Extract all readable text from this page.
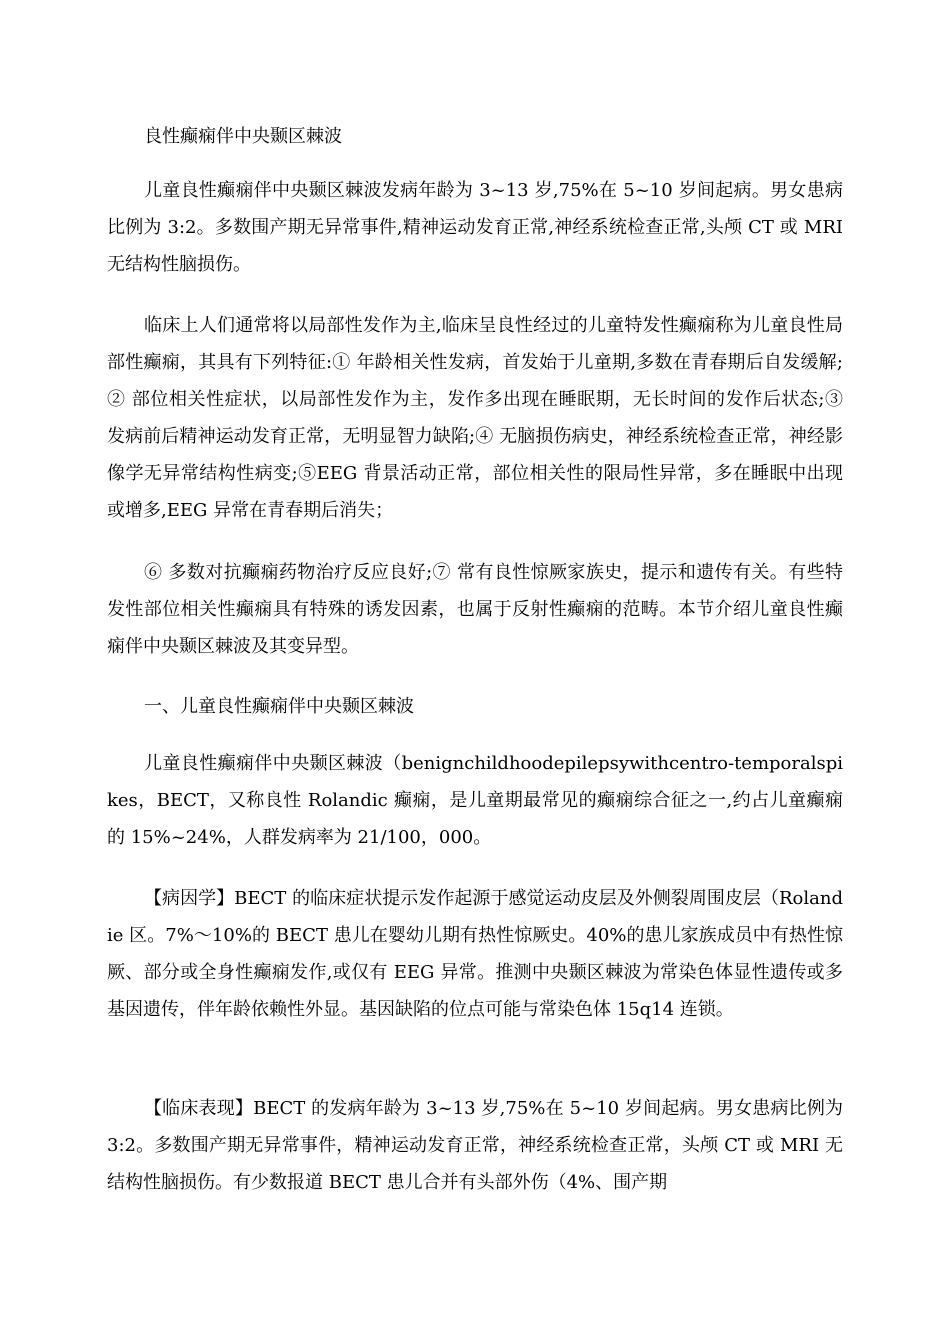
良性癫痫伴中央颞区棘波

儿童良性癫痫伴中央颞区棘波发病年龄为 3~13 岁,75%在 5~10 岁间起病。男女患病比例为 3:2。多数围产期无异常事件,精神运动发育正常,神经系统检查正常,头颅 CT 或 MRI 无结构性脑损伤。

临床上人们通常将以局部性发作为主,临床呈良性经过的儿童特发性癫痫称为儿童良性局部性癫痫，其具有下列特征:① 年龄相关性发病，首发始于儿童期,多数在青春期后自发缓解;② 部位相关性症状，以局部性发作为主，发作多出现在睡眠期，无长时间的发作后状态;③ 发病前后精神运动发育正常，无明显智力缺陷;④ 无脑损伤病史，神经系统检查正常，神经影像学无异常结构性病变;⑤EEG 背景活动正常，部位相关性的限局性异常，多在睡眠中出现或增多,EEG 异常在青春期后消失；

⑥ 多数对抗癫痫药物治疗反应良好;⑦ 常有良性惊厥家族史，提示和遗传有关。有些特发性部位相关性癫痫具有特殊的诱发因素，也属于反射性癫痫的范畴。本节介绍儿童良性癫痫伴中央颞区棘波及其变异型。

一、儿童良性癫痫伴中央颞区棘波

儿童良性癫痫伴中央颞区棘波（benignchildhoodepilepsywithcentro-temporalspikes，BECT，又称良性 Rolandic 癫痫，是儿童期最常见的癫痫综合征之一,约占儿童癫痫的 15%~24%，人群发病率为 21/100，000。

【病因学】BECT 的临床症状提示发作起源于感觉运动皮层及外侧裂周围皮层（Rolandie 区。7%〜10%的 BECT 患儿在婴幼儿期有热性惊厥史。40%的患儿家族成员中有热性惊厥、部分或全身性癫痫发作,或仅有 EEG 异常。推测中央颞区棘波为常染色体显性遗传或多基因遗传，伴年龄依赖性外显。基因缺陷的位点可能与常染色体 15q14 连锁。

【临床表现】BECT 的发病年龄为 3~13 岁,75%在 5~10 岁间起病。男女患病比例为 3:2。多数围产期无异常事件，精神运动发育正常，神经系统检查正常，头颅 CT 或 MRI 无结构性脑损伤。有少数报道 BECT 患儿合并有头部外伤（4%、围产期
